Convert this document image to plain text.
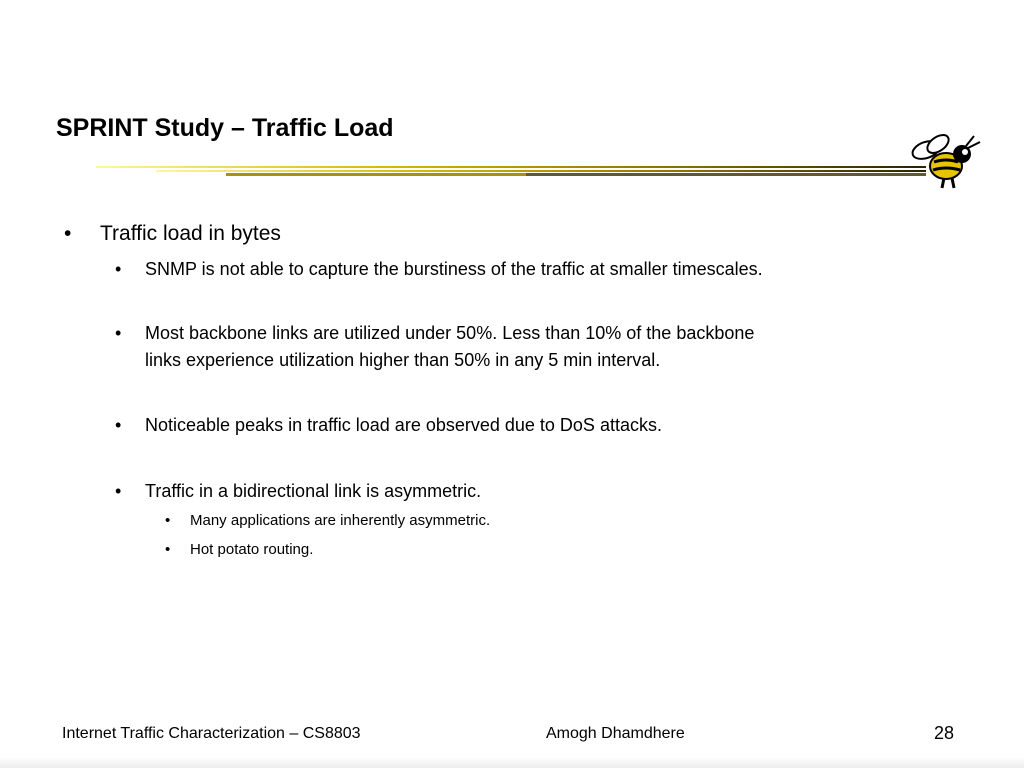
SPRINT Study – Traffic Load
• Traffic load in bytes
• SNMP is not able to capture the burstiness of the traffic at smaller timescales.
• Most backbone links are utilized under 50%. Less than 10% of the backbone
links experience utilization higher than 50% in any 5 min interval.
• Noticeable peaks in traffic load are observed due to DoS attacks.
• Traffic in a bidirectional link is asymmetric.
• Many applications are inherently asymmetric.
• Hot potato routing.
Internet Traffic Characterization – CS8803	Amogh Dhamdhere	28
